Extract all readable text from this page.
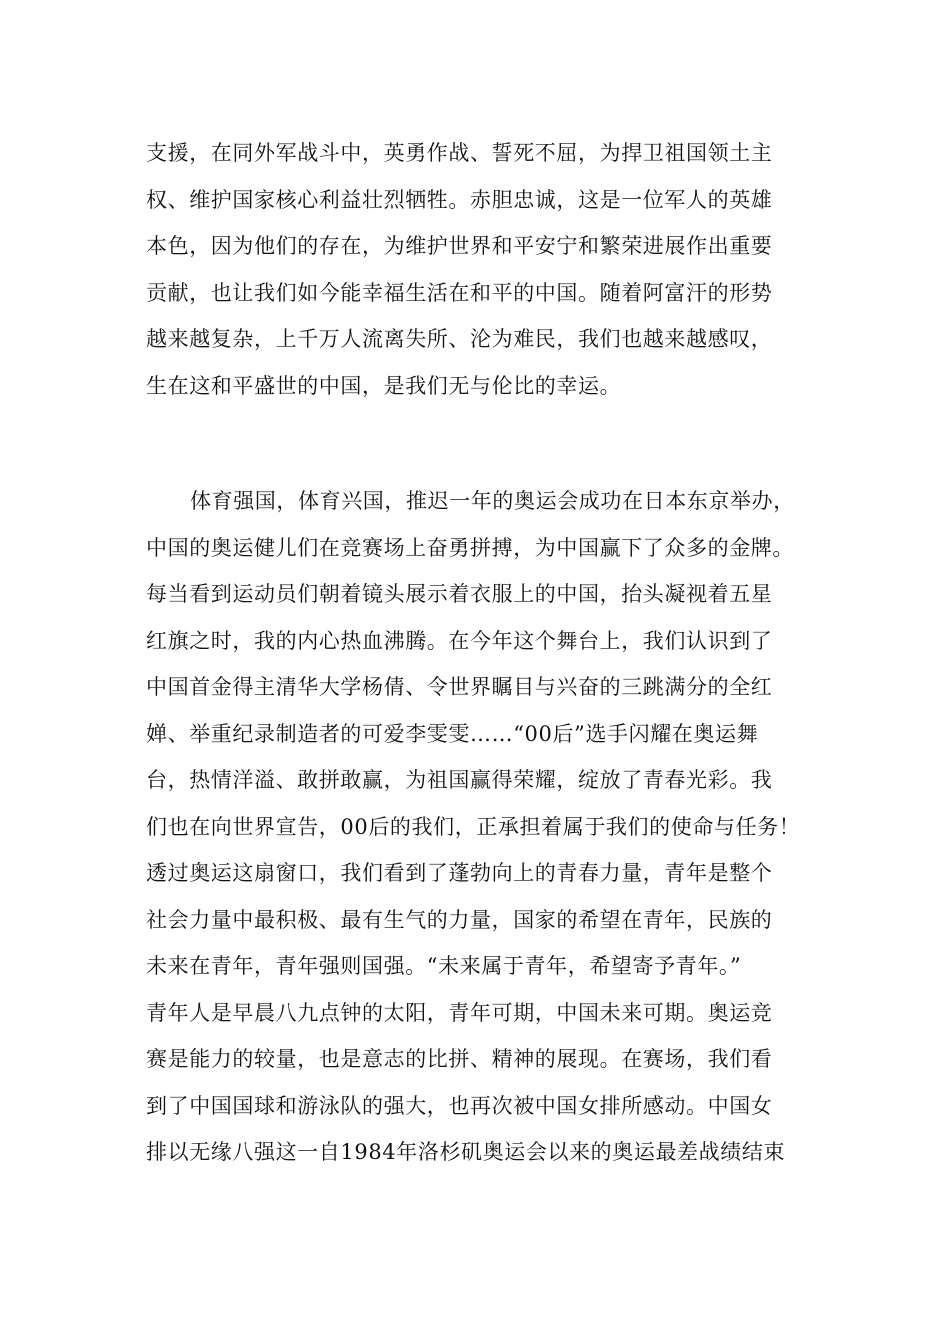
支援，在同外军战斗中，英勇作战、誓死不屈，为捍卫祖国领土主
权、维护国家核心利益壮烈牺牲。赤胆忠诚，这是一位军人的英雄
本色，因为他们的存在，为维护世界和平安宁和繁荣进展作出重要
贡献，也让我们如今能幸福生活在和平的中国。随着阿富汗的形势
越来越复杂，上千万人流离失所、沦为难民，我们也越来越感叹，
生在这和平盛世的中国，是我们无与伦比的幸运。
体育强国，体育兴国，推迟一年的奥运会成功在日本东京举办，
中国的奥运健儿们在竞赛场上奋勇拼搏，为中国赢下了众多的金牌。
每当看到运动员们朝着镜头展示着衣服上的中国，抬头凝视着五星
红旗之时，我的内心热血沸腾。在今年这个舞台上，我们认识到了
中国首金得主清华大学杨倩、令世界瞩目与兴奋的三跳满分的全红
婵、举重纪录制造者的可爱李雯雯……“00后”选手闪耀在奥运舞
台，热情洋溢、敢拼敢赢，为祖国赢得荣耀，绽放了青春光彩。我
们也在向世界宣告，00后的我们，正承担着属于我们的使命与任务！
透过奥运这扇窗口，我们看到了蓬勃向上的青春力量，青年是整个
社会力量中最积极、最有生气的力量，国家的希望在青年，民族的
未来在青年，青年强则国强。“未来属于青年，希望寄予青年。”
青年人是早晨八九点钟的太阳，青年可期，中国未来可期。奥运竞
赛是能力的较量，也是意志的比拼、精神的展现。在赛场，我们看
到了中国国球和游泳队的强大，也再次被中国女排所感动。中国女
排以无缘八强这一自1984年洛杉矶奥运会以来的奥运最差战绩结束
